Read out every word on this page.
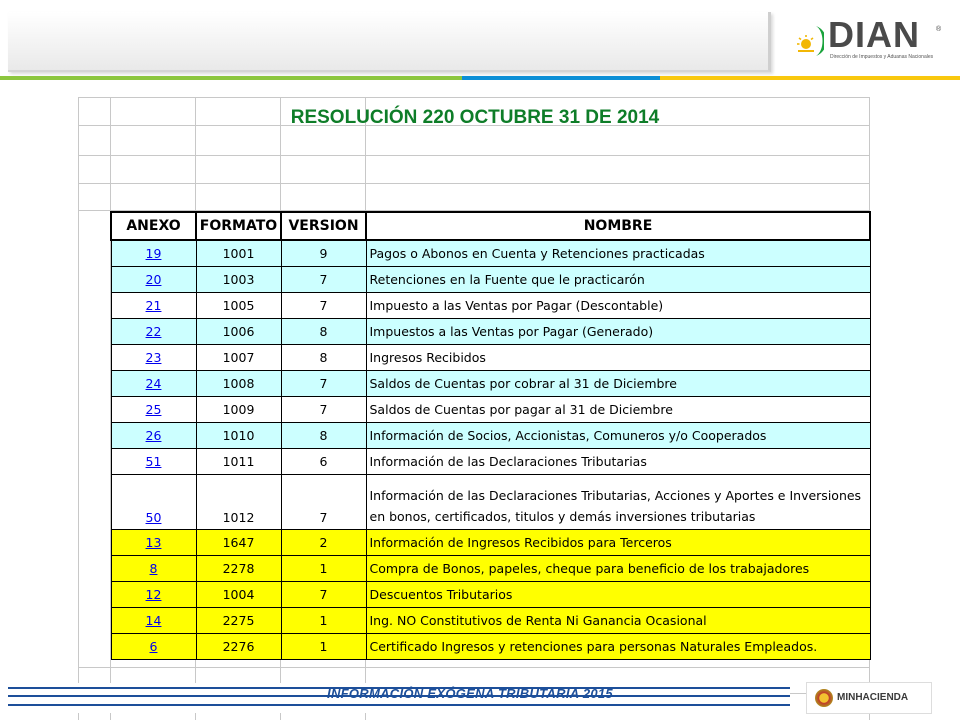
DIAN ®
Dirección de Impuestos y Aduanas Nacionales
RESOLUCIÓN 220 OCTUBRE 31 DE 2014
ANEXO	FORMATO	VERSION	NOMBRE
19	1001	9	Pagos o Abonos en Cuenta y Retenciones practicadas
20	1003	7	Retenciones en la Fuente que le practicarón
21	1005	7	Impuesto a las Ventas por Pagar (Descontable)
22	1006	8	Impuestos a las Ventas por Pagar (Generado)
23	1007	8	Ingresos Recibidos
24	1008	7	Saldos de Cuentas por cobrar al 31 de Diciembre
25	1009	7	Saldos de Cuentas por pagar al 31 de Diciembre
26	1010	8	Información de Socios, Accionistas, Comuneros y/o Cooperados
51	1011	6	Información de las Declaraciones Tributarias
50	1012	7	Información de las Declaraciones Tributarias, Acciones y Aportes e Inversiones en bonos, certificados, titulos y demás inversiones tributarias
13	1647	2	Información de Ingresos Recibidos para Terceros
8	2278	1	Compra de Bonos, papeles, cheque para beneficio de los trabajadores
12	1004	7	Descuentos Tributarios
14	2275	1	Ing. NO Constitutivos de Renta Ni Ganancia Ocasional
6	2276	1	Certificado Ingresos y retenciones para personas Naturales Empleados.
INFORMACIÓN EXÓGENA TRIBUTARIA 2015	MINHACIENDA
